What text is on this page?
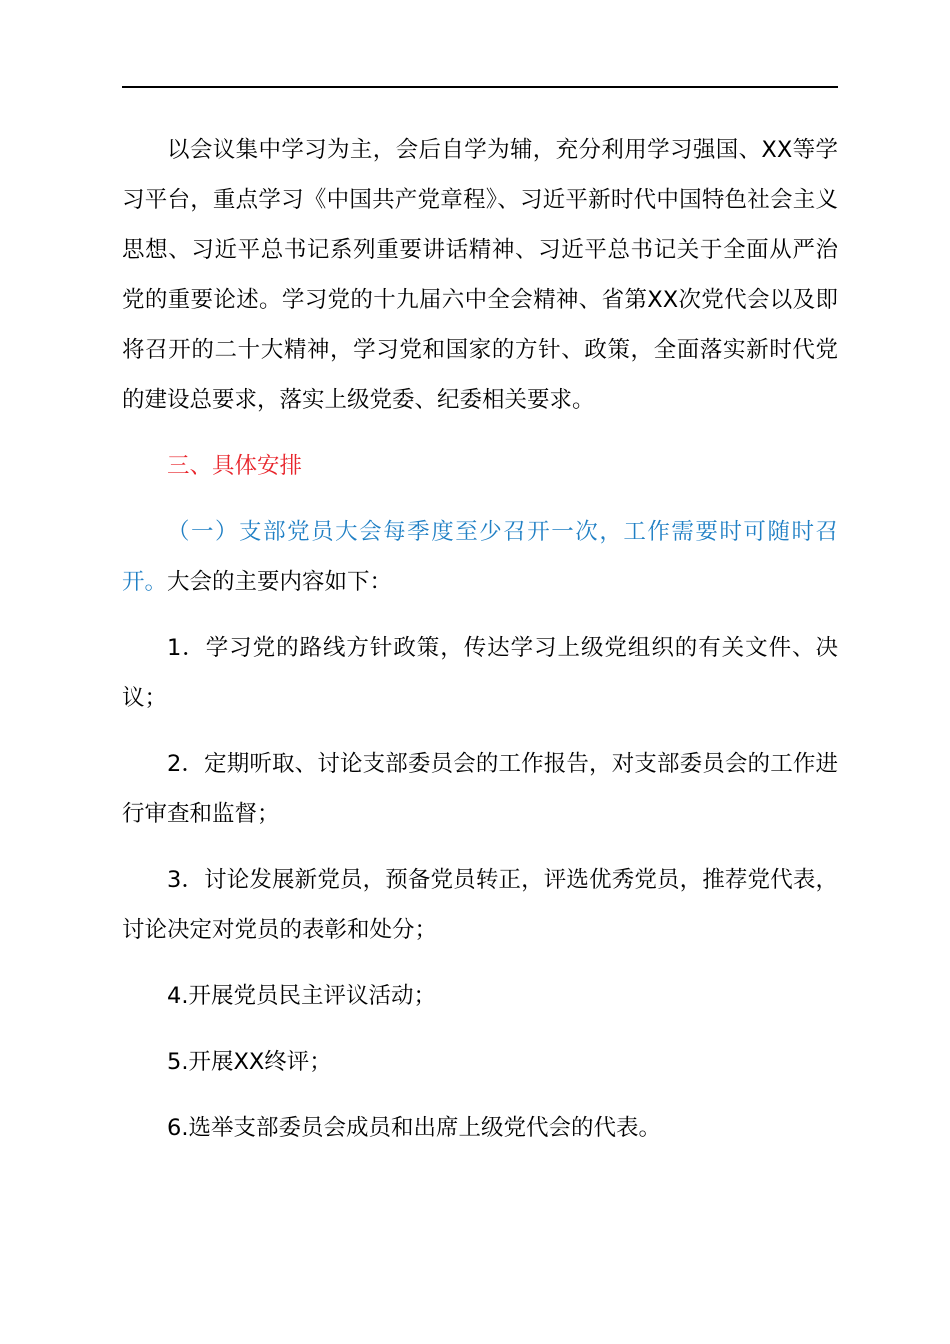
以会议集中学习为主，会后自学为辅，充分利用学习强国、XX等学习平台，重点学习《中国共产党章程》、习近平新时代中国特色社会主义思想、习近平总书记系列重要讲话精神、习近平总书记关于全面从严治党的重要论述。学习党的十九届六中全会精神、省第XX次党代会以及即将召开的二十大精神，学习党和国家的方针、政策，全面落实新时代党的建设总要求，落实上级党委、纪委相关要求。

三、具体安排

（一）支部党员大会每季度至少召开一次，工作需要时可随时召开。大会的主要内容如下：

1．学习党的路线方针政策，传达学习上级党组织的有关文件、决议；

2．定期听取、讨论支部委员会的工作报告，对支部委员会的工作进行审查和监督；

3．讨论发展新党员，预备党员转正，评选优秀党员，推荐党代表，讨论决定对党员的表彰和处分；

4.开展党员民主评议活动；

5.开展XX终评；

6.选举支部委员会成员和出席上级党代会的代表。
